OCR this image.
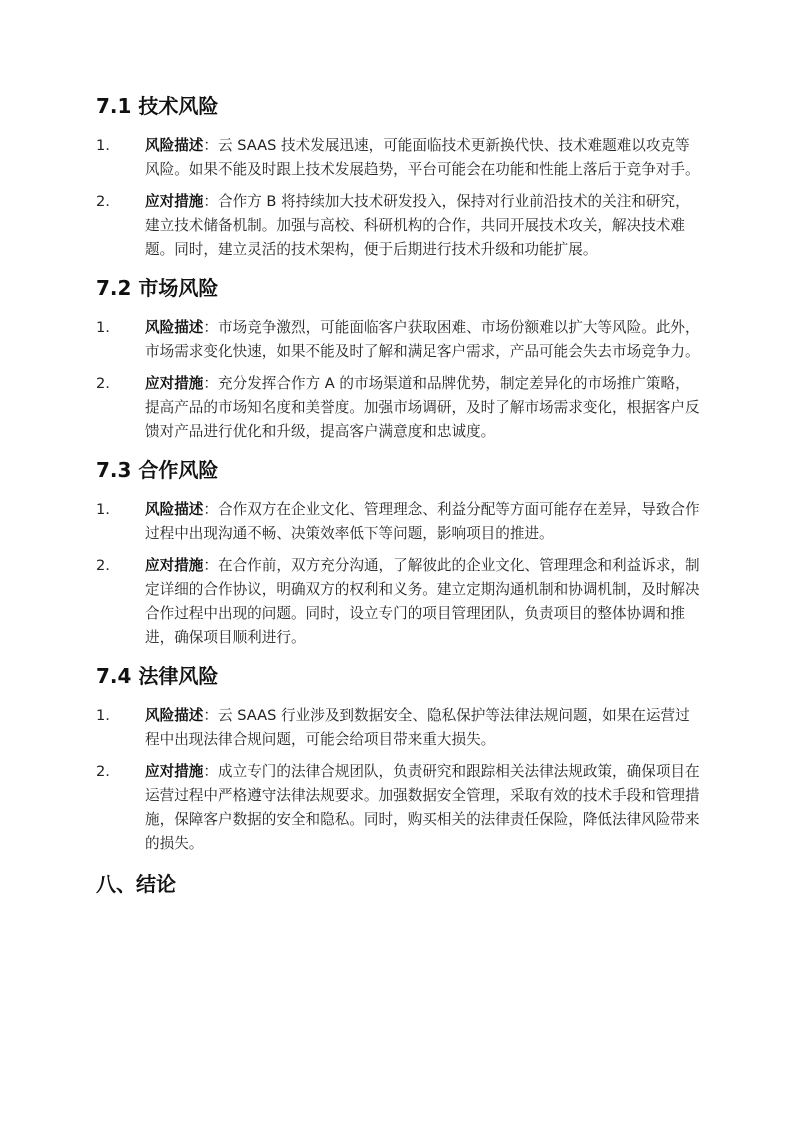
7.1 技术风险
1. 风险描述：云 SAAS 技术发展迅速，可能面临技术更新换代快、技术难题难以攻克等风险。如果不能及时跟上技术发展趋势，平台可能会在功能和性能上落后于竞争对手。
2. 应对措施：合作方 B 将持续加大技术研发投入，保持对行业前沿技术的关注和研究，建立技术储备机制。加强与高校、科研机构的合作，共同开展技术攻关，解决技术难题。同时，建立灵活的技术架构，便于后期进行技术升级和功能扩展。
7.2 市场风险
1. 风险描述：市场竞争激烈，可能面临客户获取困难、市场份额难以扩大等风险。此外，市场需求变化快速，如果不能及时了解和满足客户需求，产品可能会失去市场竞争力。
2. 应对措施：充分发挥合作方 A 的市场渠道和品牌优势，制定差异化的市场推广策略，提高产品的市场知名度和美誉度。加强市场调研，及时了解市场需求变化，根据客户反馈对产品进行优化和升级，提高客户满意度和忠诚度。
7.3 合作风险
1. 风险描述：合作双方在企业文化、管理理念、利益分配等方面可能存在差异，导致合作过程中出现沟通不畅、决策效率低下等问题，影响项目的推进。
2. 应对措施：在合作前，双方充分沟通，了解彼此的企业文化、管理理念和利益诉求，制定详细的合作协议，明确双方的权利和义务。建立定期沟通机制和协调机制，及时解决合作过程中出现的问题。同时，设立专门的项目管理团队，负责项目的整体协调和推进，确保项目顺利进行。
7.4 法律风险
1. 风险描述：云 SAAS 行业涉及到数据安全、隐私保护等法律法规问题，如果在运营过程中出现法律合规问题，可能会给项目带来重大损失。
2. 应对措施：成立专门的法律合规团队，负责研究和跟踪相关法律法规政策，确保项目在运营过程中严格遵守法律法规要求。加强数据安全管理，采取有效的技术手段和管理措施，保障客户数据的安全和隐私。同时，购买相关的法律责任保险，降低法律风险带来的损失。
八、结论
